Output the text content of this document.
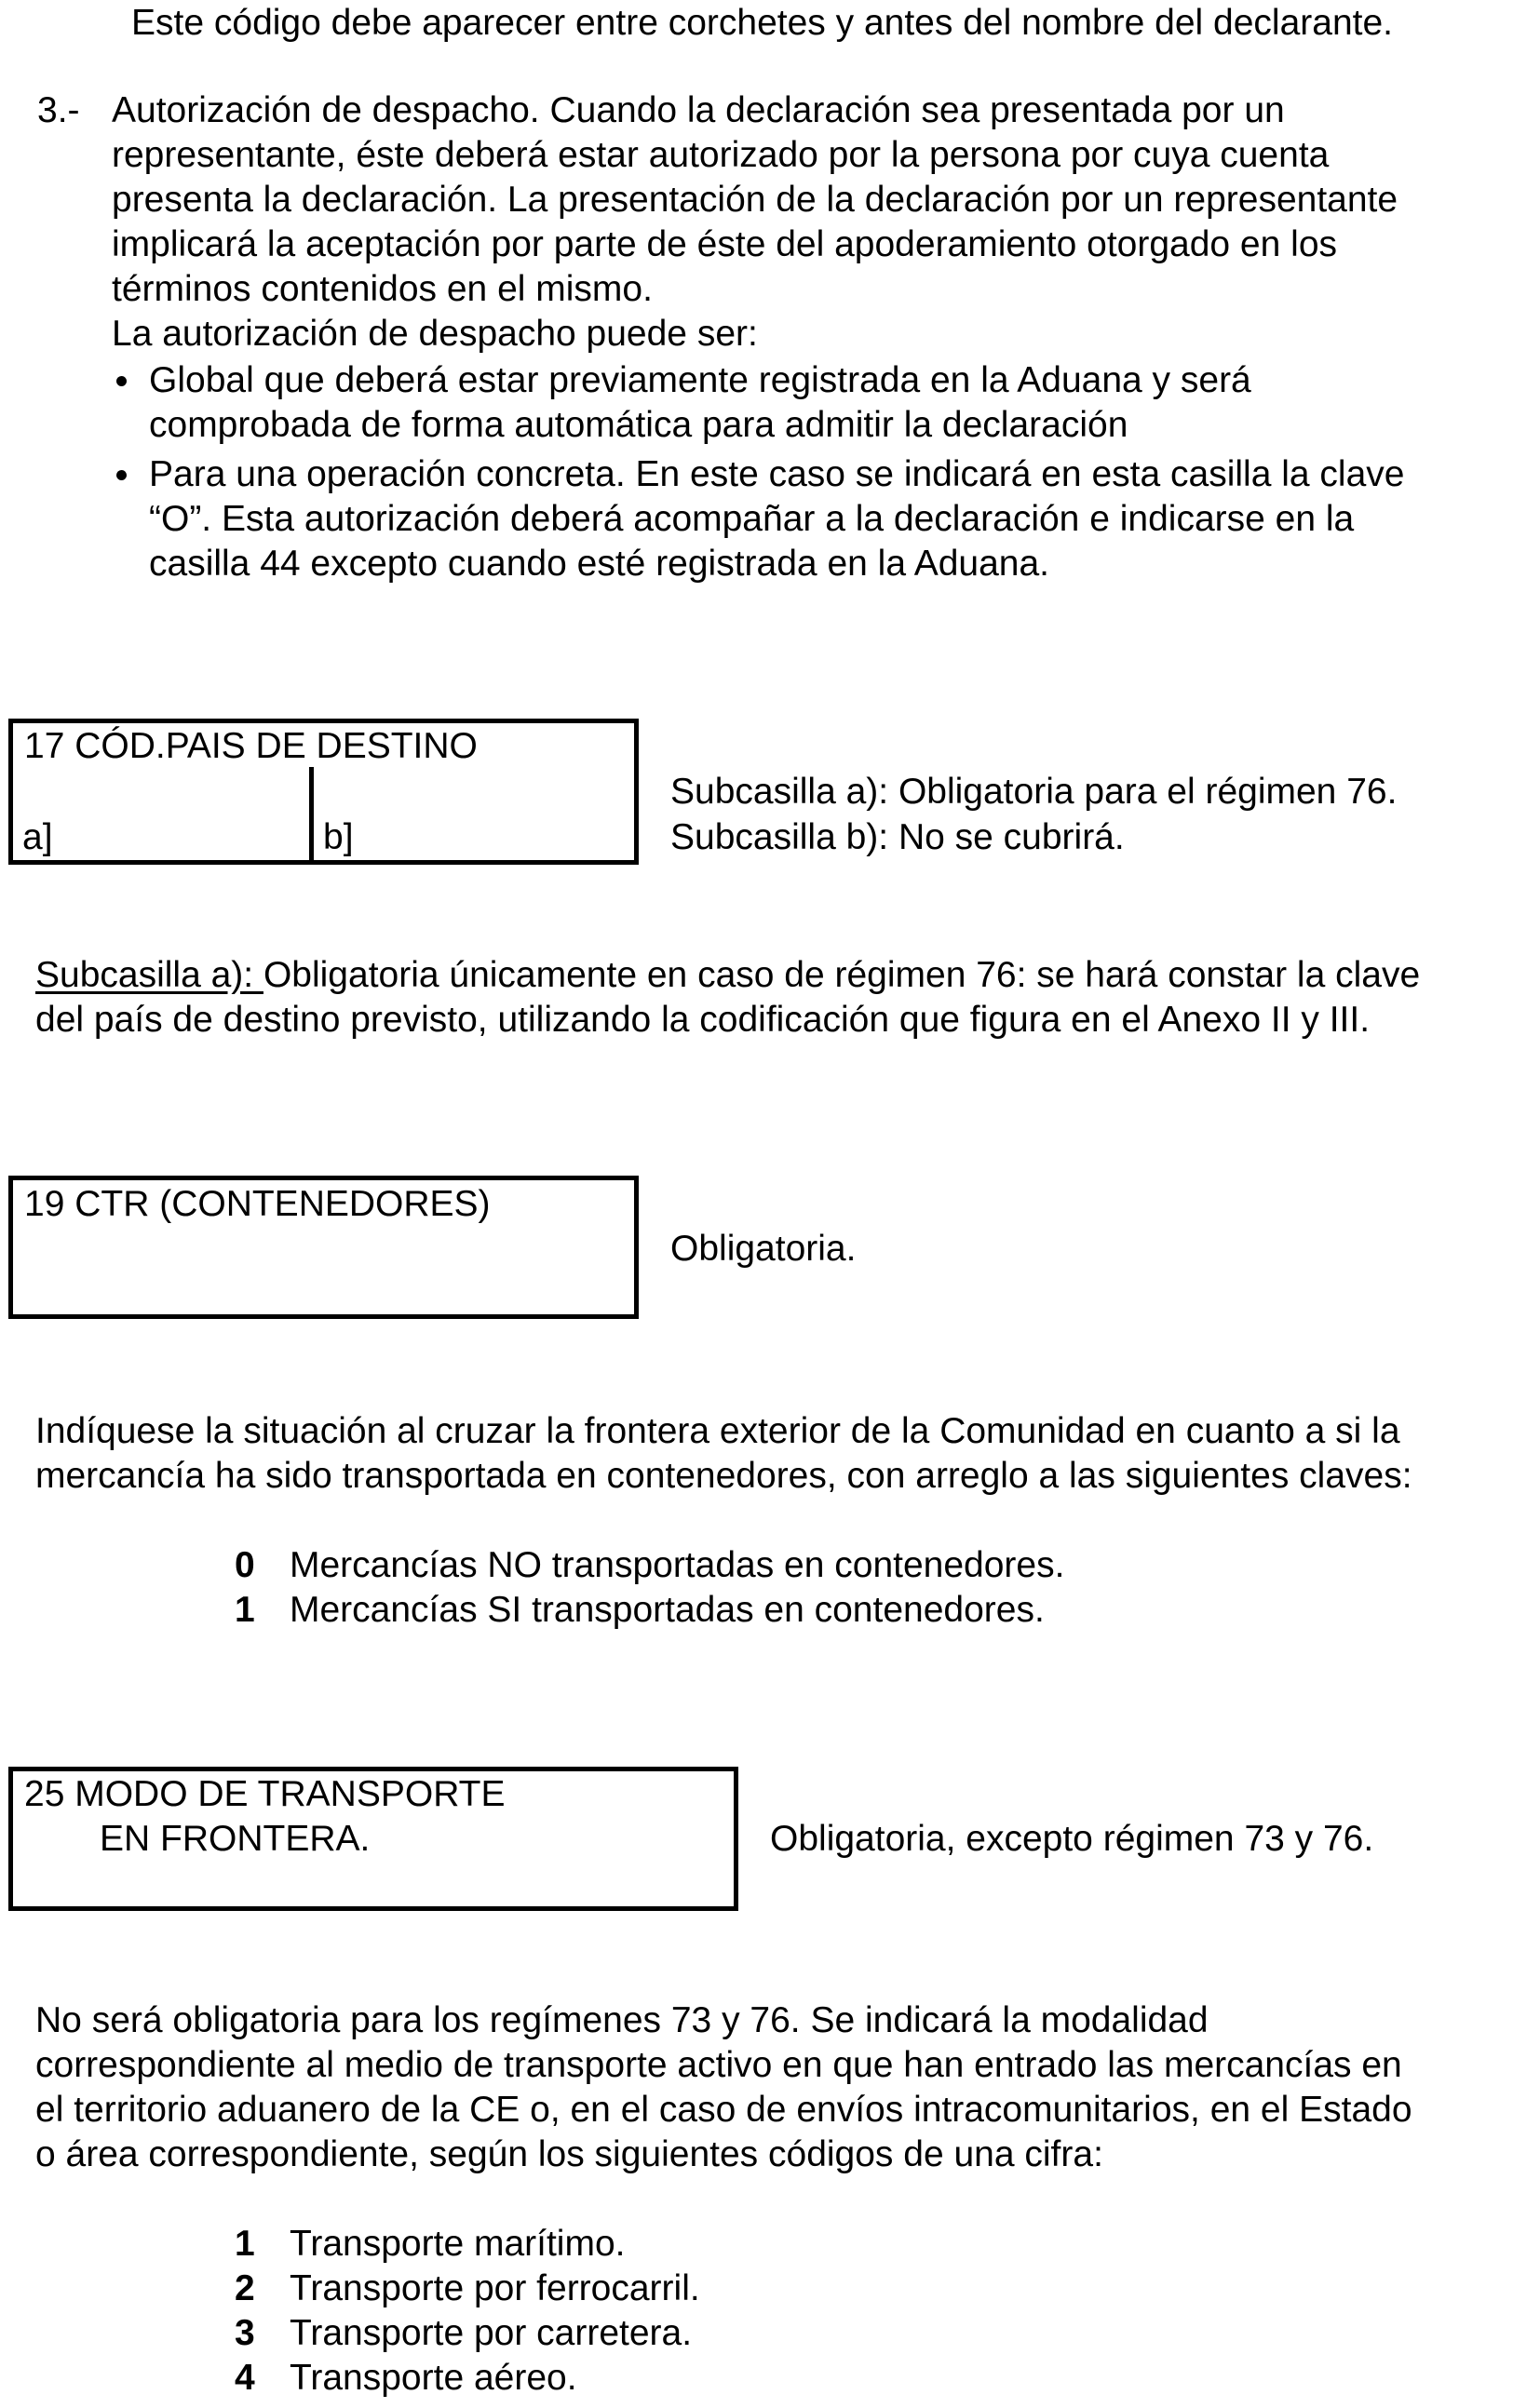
Este código debe aparecer entre corchetes y antes del nombre del declarante.
3.- Autorización de despacho. Cuando la declaración sea presentada por un
representante, éste deberá estar autorizado por la persona por cuya cuenta
presenta la declaración. La presentación de la declaración por un representante
implicará la aceptación por parte de éste del apoderamiento otorgado en los
términos contenidos en el mismo.
La autorización de despacho puede ser:
Global que deberá estar previamente registrada en la Aduana y será
comprobada de forma automática para admitir la declaración
Para una operación concreta. En este caso se indicará en esta casilla la clave
“O”. Esta autorización deberá acompañar a la declaración e indicarse en la
casilla 44 excepto cuando esté registrada en la Aduana.
17 CÓD.PAIS DE DESTINO
a]	b]
Subcasilla a): Obligatoria para el régimen 76.
Subcasilla b): No se cubrirá.
Subcasilla a): Obligatoria únicamente en caso de régimen 76: se hará constar la clave
del país de destino previsto, utilizando la codificación que figura en el Anexo II y III.
19 CTR (CONTENEDORES)
Obligatoria.
Indíquese la situación al cruzar la frontera exterior de la Comunidad en cuanto a si la
mercancía ha sido transportada en contenedores, con arreglo a las siguientes claves:
0 Mercancías NO transportadas en contenedores.
1 Mercancías SI transportadas en contenedores.
25 MODO DE TRANSPORTE
EN FRONTERA.	Obligatoria, excepto régimen 73 y 76.
No será obligatoria para los regímenes 73 y 76. Se indicará la modalidad
correspondiente al medio de transporte activo en que han entrado las mercancías en
el territorio aduanero de la CE o, en el caso de envíos intracomunitarios, en el Estado
o área correspondiente, según los siguientes códigos de una cifra:
1 Transporte marítimo.
2 Transporte por ferrocarril.
3 Transporte por carretera.
4 Transporte aéreo.
